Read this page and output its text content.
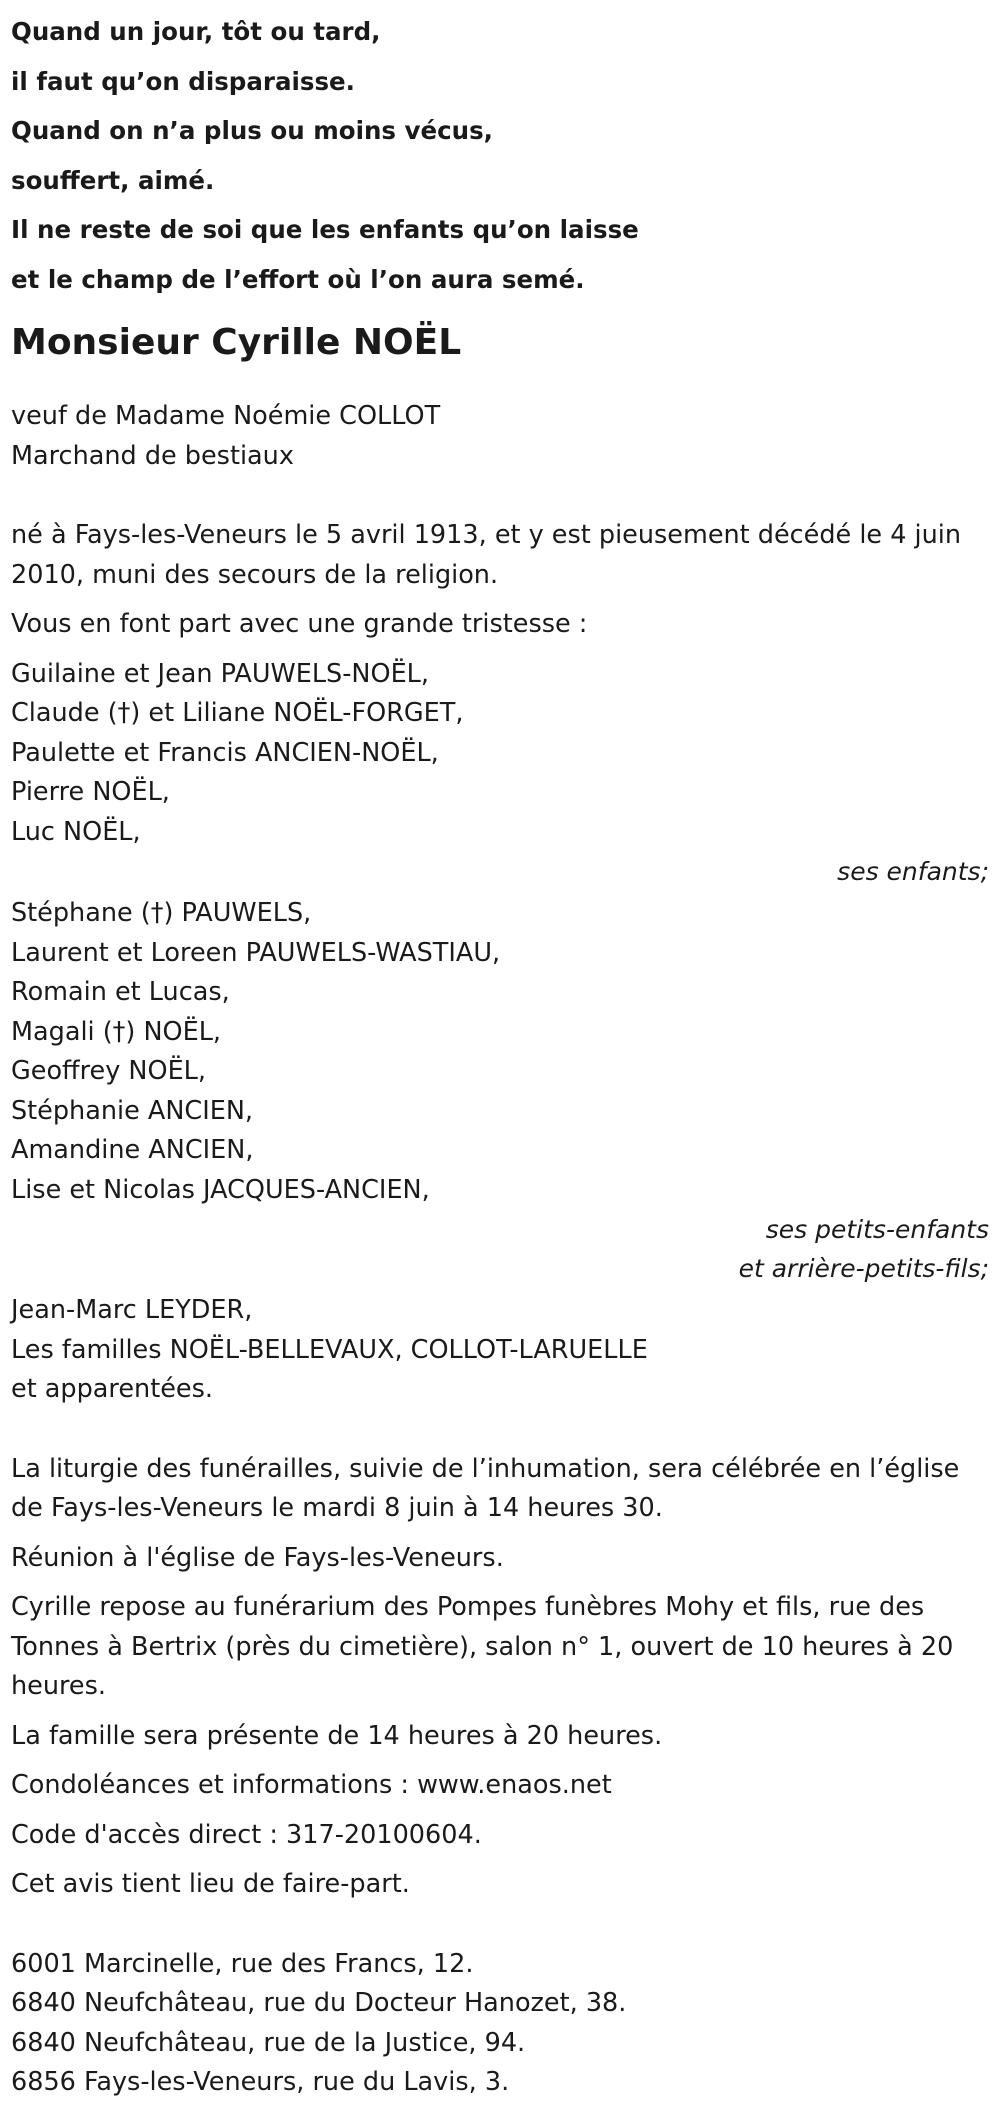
Quand un jour, tôt ou tard,
il faut qu’on disparaisse.
Quand on n’a plus ou moins vécus,
souffert, aimé.
Il ne reste de soi que les enfants qu’on laisse
et le champ de l’effort où l’on aura semé.
Monsieur Cyrille NOËL
veuf de Madame Noémie COLLOT
Marchand de bestiaux

né à Fays-les-Veneurs le 5 avril 1913, et y est pieusement décédé le 4 juin 2010, muni des secours de la religion.

Vous en font part avec une grande tristesse :

Guilaine et Jean PAUWELS-NOËL,
Claude (†) et Liliane NOËL-FORGET,
Paulette et Francis ANCIEN-NOËL,
Pierre NOËL,
Luc NOËL,
ses enfants;
Stéphane (†) PAUWELS,
Laurent et Loreen PAUWELS-WASTIAU,
Romain et Lucas,
Magali (†) NOËL,
Geoffrey NOËL,
Stéphanie ANCIEN,
Amandine ANCIEN,
Lise et Nicolas JACQUES-ANCIEN,
ses petits-enfants
et arrière-petits-fils;
Jean-Marc LEYDER,
Les familles NOËL-BELLEVAUX, COLLOT-LARUELLE
et apparentées.

La liturgie des funérailles, suivie de l’inhumation, sera célébrée en l’église de Fays-les-Veneurs le mardi 8 juin à 14 heures 30.

Réunion à l'église de Fays-les-Veneurs.

Cyrille repose au funérarium des Pompes funèbres Mohy et fils, rue des Tonnes à Bertrix (près du cimetière), salon n° 1, ouvert de 10 heures à 20 heures.

La famille sera présente de 14 heures à 20 heures.

Condoléances et informations : www.enaos.net

Code d'accès direct : 317-20100604.

Cet avis tient lieu de faire-part.

6001 Marcinelle, rue des Francs, 12.
6840 Neufchâteau, rue du Docteur Hanozet, 38.
6840 Neufchâteau, rue de la Justice, 94.
6856 Fays-les-Veneurs, rue du Lavis, 3.
